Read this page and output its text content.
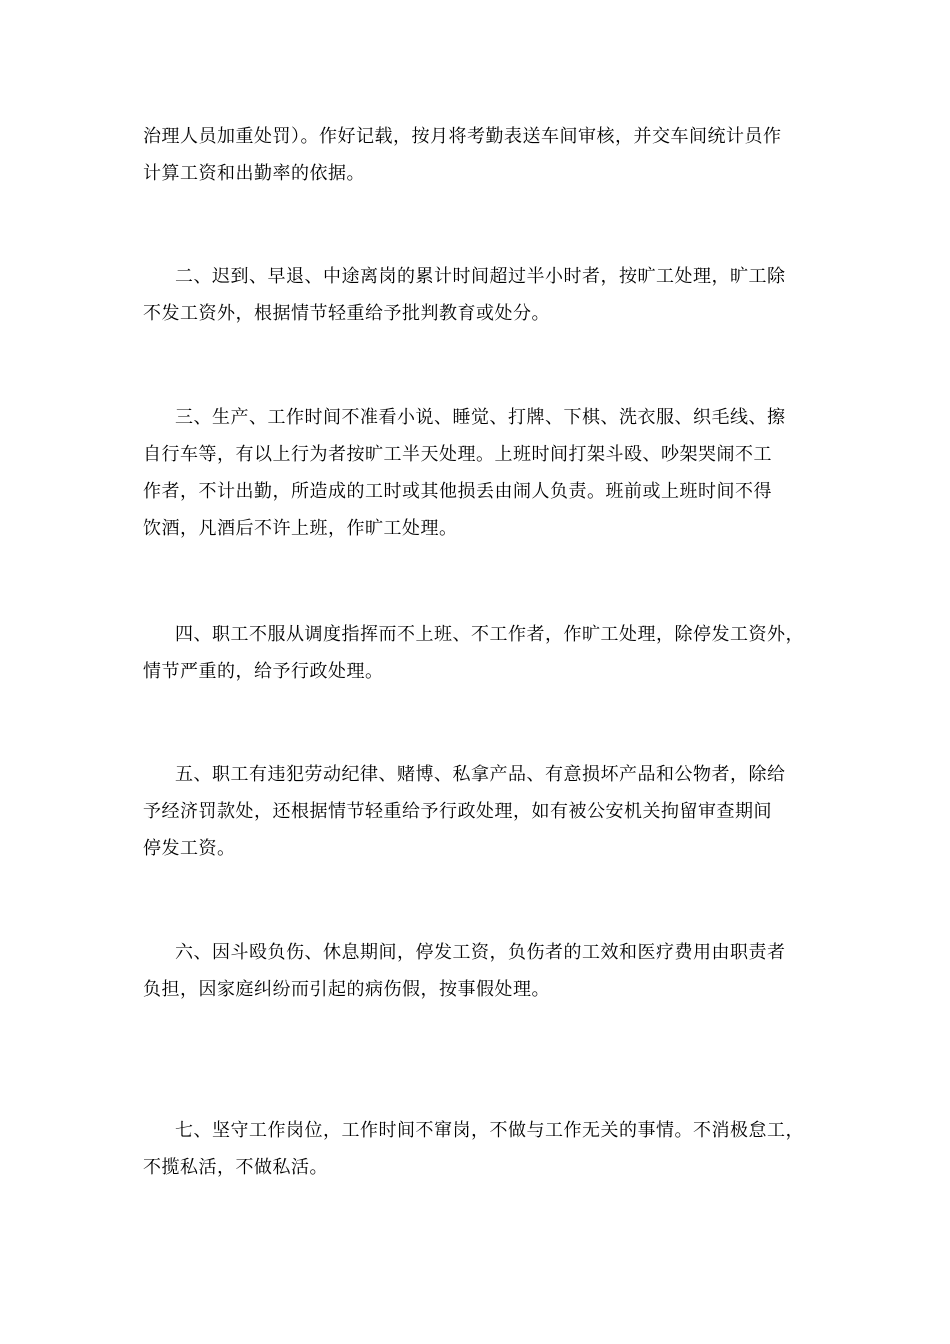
治理人员加重处罚）。作好记载，按月将考勤表送车间审核，并交车间统计员作
计算工资和出勤率的依据。

二、迟到、早退、中途离岗的累计时间超过半小时者，按旷工处理，旷工除
不发工资外，根据情节轻重给予批判教育或处分。

三、生产、工作时间不准看小说、睡觉、打牌、下棋、洗衣服、织毛线、擦
自行车等，有以上行为者按旷工半天处理。上班时间打架斗殴、吵架哭闹不工
作者，不计出勤，所造成的工时或其他损丢由闹人负责。班前或上班时间不得
饮酒，凡酒后不许上班，作旷工处理。

四、职工不服从调度指挥而不上班、不工作者，作旷工处理，除停发工资外，
情节严重的，给予行政处理。

五、职工有违犯劳动纪律、赌博、私拿产品、有意损坏产品和公物者，除给
予经济罚款处，还根据情节轻重给予行政处理，如有被公安机关拘留审查期间
停发工资。

六、因斗殴负伤、休息期间，停发工资，负伤者的工效和医疗费用由职责者
负担，因家庭纠纷而引起的病伤假，按事假处理。

七、坚守工作岗位，工作时间不窜岗，不做与工作无关的事情。不消极怠工，
不揽私活，不做私活。
